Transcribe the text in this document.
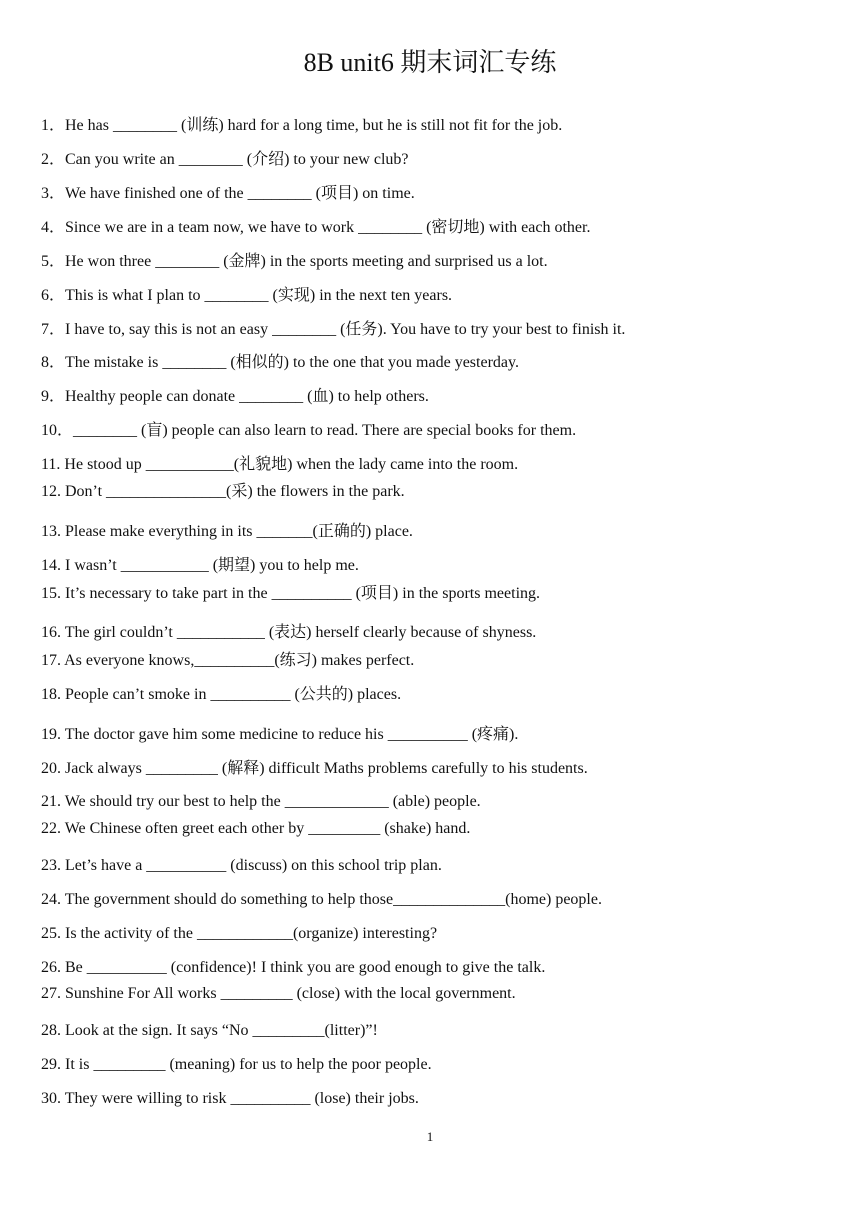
8B unit6 期末词汇专练
1．He has ________ (训练) hard for a long time, but he is still not fit for the job.
2．Can you write an ________ (介绍) to your new club?
3．We have finished one of the ________ (项目) on time.
4．Since we are in a team now, we have to work ________ (密切地) with each other.
5．He won three ________ (金牌) in the sports meeting and surprised us a lot.
6．This is what I plan to ________ (实现) in the next ten years.
7．I have to, say this is not an easy ________ (任务). You have to try your best to finish it.
8．The mistake is ________ (相似的) to the one that you made yesterday.
9．Healthy people can donate ________ (血) to help others.
10．________ (盲) people can also learn to read. There are special books for them.
11. He stood up ___________(礼貌地) when the lady came into the room.
12. Don’t _______________(采) the flowers in the park.
13. Please make everything in its _______(正确的) place.
14. I wasn’t ___________ (期望) you to help me.
15. It’s necessary to take part in the __________ (项目) in the sports meeting.
16. The girl couldn’t ___________ (表达) herself clearly because of shyness.
17. As everyone knows,__________(练习) makes perfect.
18. People can’t smoke in __________ (公共的) places.
19. The doctor gave him some medicine to reduce his __________ (疼痛).
20. Jack always _________ (解释) difficult Maths problems carefully to his students.
21. We should try our best to help the _____________ (able) people.
22. We Chinese often greet each other by _________ (shake) hand.
23. Let’s have a __________ (discuss) on this school trip plan.
24. The government should do something to help those______________(home) people.
25. Is the activity of the ____________(organize) interesting?
26. Be __________ (confidence)! I think you are good enough to give the talk.
27. Sunshine For All works _________ (close) with the local government.
28. Look at the sign. It says “No _________(litter)”!
29. It is _________ (meaning) for us to help the poor people.
30. They were willing to risk __________ (lose) their jobs.
1
